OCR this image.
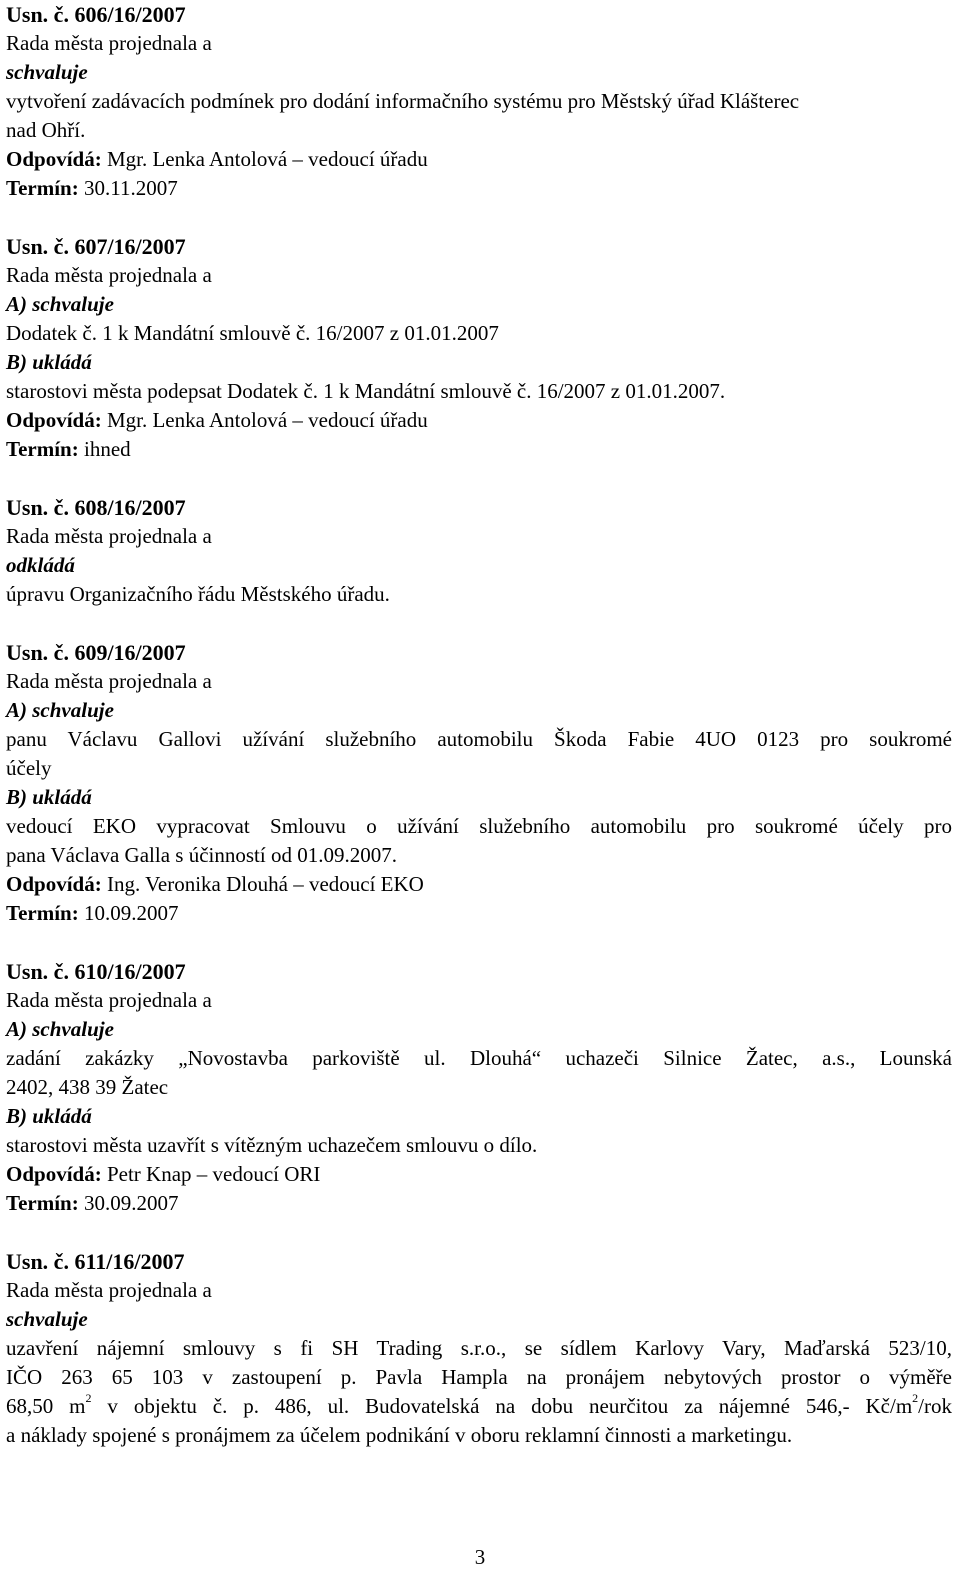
Usn. č. 606/16/2007
Rada města projednala a
schvaluje
vytvoření zadávacích podmínek pro dodání informačního systému pro Městský úřad Klášterec
nad Ohří.
Odpovídá: Mgr. Lenka Antolová – vedoucí úřadu
Termín: 30.11.2007
Usn. č. 607/16/2007
Rada města projednala a
A) schvaluje
Dodatek č. 1 k Mandátní smlouvě č. 16/2007 z 01.01.2007
B) ukládá
starostovi města podepsat Dodatek č. 1 k Mandátní smlouvě č. 16/2007 z 01.01.2007.
Odpovídá: Mgr. Lenka Antolová – vedoucí úřadu
Termín: ihned
Usn. č. 608/16/2007
Rada města projednala a
odkládá
úpravu Organizačního řádu Městského úřadu.
Usn. č. 609/16/2007
Rada města projednala a
A) schvaluje
panu Václavu Gallovi užívání služebního automobilu Škoda Fabie 4UO 0123 pro soukromé
účely
B) ukládá
vedoucí EKO vypracovat Smlouvu o užívání služebního automobilu pro soukromé účely pro
pana Václava Galla s účinností od 01.09.2007.
Odpovídá: Ing. Veronika Dlouhá – vedoucí EKO
Termín: 10.09.2007
Usn. č. 610/16/2007
Rada města projednala a
A) schvaluje
zadání zakázky „Novostavba parkoviště ul. Dlouhá“ uchazeči Silnice Žatec, a.s., Lounská
2402, 438 39 Žatec
B) ukládá
starostovi města uzavřít s vítězným uchazečem smlouvu o dílo.
Odpovídá: Petr Knap – vedoucí ORI
Termín: 30.09.2007
Usn. č. 611/16/2007
Rada města projednala a
schvaluje
uzavření nájemní smlouvy s fi SH Trading s.r.o., se sídlem Karlovy Vary, Maďarská 523/10,
IČO 263 65 103 v zastoupení p. Pavla Hampla na pronájem nebytových prostor o výměře
68,50 $m^2$ v objektu č. p. 486, ul. Budovatelská na dobu neurčitou za nájemné 546,- $Kč/m^2$/rok
a náklady spojené s pronájmem za účelem podnikání v oboru reklamní činnosti a marketingu.
3
